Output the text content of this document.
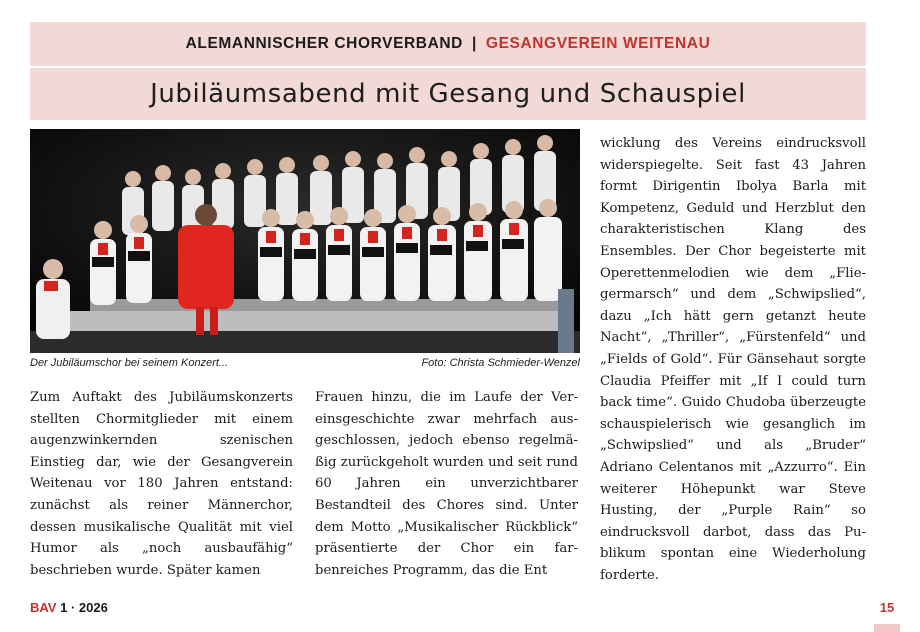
ALEMANNISCHER CHORVERBAND | GESANGVEREIN WEITENAU
Jubiläumsabend mit Gesang und Schauspiel
Der Jubiläumschor bei seinem Konzert...	Foto: Christa Schmieder-Wenzel

Zum Auftakt des Jubiläumskonzerts stellten Chormitglieder mit einem augenzwinkernden szenischen Einstieg dar, wie der Gesangverein Weitenau vor 180 Jahren entstand: zunächst als reiner Männerchor, dessen musikalische Qualität mit viel Humor als „noch ausbaufähig“ beschrieben wurde. Später kamen

Frauen hinzu, die im Laufe der Vereinsgeschichte zwar mehrfach ausgeschlossen, jedoch ebenso regelmäßig zurückgeholt wurden und seit rund 60 Jahren ein unverzichtbarer Bestandteil des Chores sind. Unter dem Motto „Musikalischer Rückblick“ präsentierte der Chor ein farbenreiches Programm, das die Ent

wicklung des Vereins eindrucksvoll widerspiegelte. Seit fast 43 Jahren formt Dirigentin Ibolya Barla mit Kompetenz, Geduld und Herzblut den charakteristischen Klang des Ensembles. Der Chor begeisterte mit Operettenmelodien wie dem „Fliegermarsch“ und dem „Schwipslied“, dazu „Ich hätt gern getanzt heute Nacht“, „Thriller“, „Fürstenfeld“ und „Fields of Gold“. Für Gänsehaut sorgte Claudia Pfeiffer mit „If I could turn back time“. Guido Chudoba überzeugte schauspielerisch wie gesanglich im „Schwipslied“ und als „Bruder“ Adriano Celentanos mit „Azzurro“. Ein weiterer Höhepunkt war Steve Husting, der „Purple Rain“ so eindrucksvoll darbot, dass das Publikum spontan eine Wiederholung forderte.

BAV 1 · 2026	15
